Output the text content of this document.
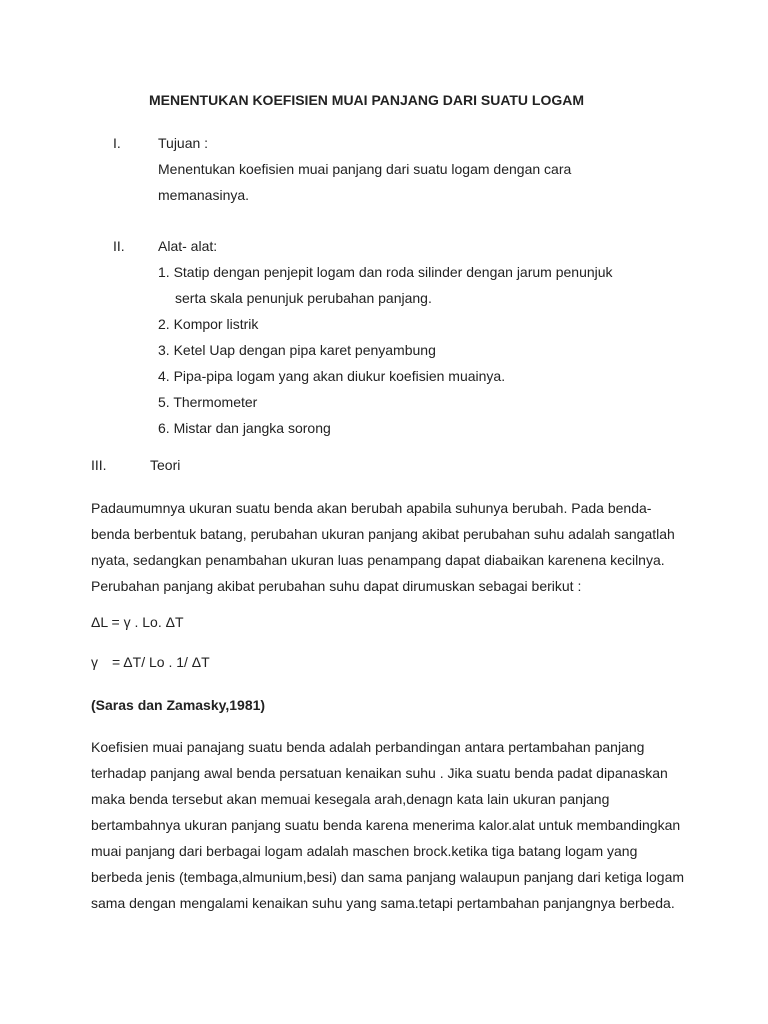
MENENTUKAN KOEFISIEN MUAI PANJANG DARI SUATU LOGAM
I.	Tujuan :
Menentukan koefisien muai panjang dari suatu logam dengan cara
memanasinya.
II. Alat- alat:
1. Statip dengan penjepit logam dan roda silinder dengan jarum penunjuk
serta skala penunjuk perubahan panjang.
2. Kompor listrik
3. Ketel Uap dengan pipa karet penyambung
4. Pipa-pipa logam yang akan diukur koefisien muainya.
5. Thermometer
6. Mistar dan jangka sorong
III.	Teori
Padaumumnya ukuran suatu benda akan berubah apabila suhunya berubah. Pada benda-
benda berbentuk batang, perubahan ukuran panjang akibat perubahan suhu adalah sangatlah
nyata, sedangkan penambahan ukuran luas penampang dapat diabaikan karenena kecilnya.
Perubahan panjang akibat perubahan suhu dapat dirumuskan sebagai berikut :
ΔL = γ . Lo. ΔT
γ = ΔT/ Lo . 1/ ΔT
(Saras dan Zamasky,1981)
Koefisien muai panajang suatu benda adalah perbandingan antara pertambahan panjang
terhadap panjang awal benda persatuan kenaikan suhu . Jika suatu benda padat dipanaskan
maka benda tersebut akan memuai kesegala arah,denagn kata lain ukuran panjang
bertambahnya ukuran panjang suatu benda karena menerima kalor.alat untuk membandingkan
muai panjang dari berbagai logam adalah maschen brock.ketika tiga batang logam yang
berbeda jenis (tembaga,almunium,besi) dan sama panjang walaupun panjang dari ketiga logam
sama dengan mengalami kenaikan suhu yang sama.tetapi pertambahan panjangnya berbeda.
